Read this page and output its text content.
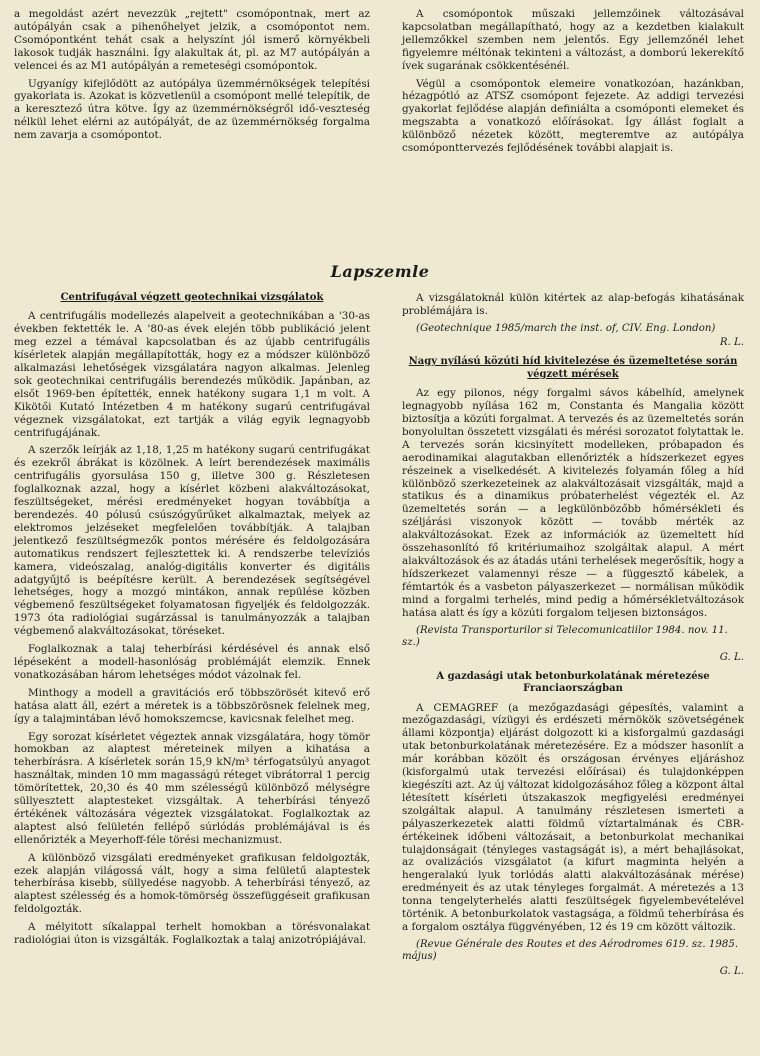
a megoldást azért nevezzük „rejtett" csomópontnak, mert az autópályán csak a pihenőhelyet jelzik, a csomópontot nem. Csomópontként tehát csak a helyszínt jól ismerő környékbeli lakosok tudják használni. Így alakultak át, pl. az M7 autópályán a velencei és az M1 autópályán a remeteségi csomópontok.

Ugyanígy kifejlődött az autópálya üzemmérnökségek telepítési gyakorlata is. Azokat is közvetlenül a csomópont mellé telepítik, de a keresztező útra kötve. Így az üzemmérnökségről idő-veszteség nélkül lehet elérni az autópályát, de az üzemmérnökség forgalma nem zavarja a csomópontot.

A csomópontok műszaki jellemzőinek változásával kapcsolatban megállapítható, hogy az a kezdetben kialakult jellemzőkkel szemben nem jelentős. Egy jellemzőnél lehet figyelemre méltónak tekinteni a változást, a domború lekerekítő ívek sugarának csökkentésénél.

Végül a csomópontok elemeire vonatkozóan, hazánkban, hézagpótló az ATSZ csomópont fejezete. Az addigi tervezési gyakorlat fejlődése alapján definiálta a csomóponti elemeket és megszabta a vonatkozó előírásokat. Így állást foglalt a különböző nézetek között, megteremtve az autópálya csomóponttervezés fejlődésének további alapjait is.

Lapszemle
Centrifugával végzett geotechnikai vizsgálatok

A centrifugális modellezés alapelveit a geotechnikában a '30-as években fektették le. A '80-as évek elején több publikáció jelent meg ezzel a témával kapcsolatban és az újabb centrifugális kísérletek alapján megállapították, hogy ez a módszer különböző alkalmazási lehetőségek vizsgálatára nagyon alkalmas. Jelenleg sok geotechnikai centrifugális berendezés működik. Japánban, az elsőt 1969-ben építették, ennek hatékony sugara 1,1 m volt. A Kikötői Kutató Intézetben 4 m hatékony sugarú centrifugával végeznek vizsgálatokat, ezt tartják a világ egyik legnagyobb centrifugájának.

A szerzők leírják az 1,18, 1,25 m hatékony sugarú centrifugákat és ezekről ábrákat is közölnek. A leírt berendezések maximális centrifugális gyorsulása 150 g, illetve 300 g. Részletesen foglalkoznak azzal, hogy a kísérlet közbeni alakváltozásokat, feszültségeket, mérési eredményeket hogyan továbbítja a berendezés. 40 pólusú csúszógyűrűket alkalmaztak, melyek az elektromos jelzéseket megfelelően továbbítják. A talajban jelentkező feszültségmezők pontos mérésére és feldolgozására automatikus rendszert fejlesztettek ki. A rendszerbe televíziós kamera, videószalag, analóg-digitális konverter és digitális adatgyűjtő is beépítésre került. A berendezések segítségével lehetséges, hogy a mozgó mintákon, annak repülése közben végbemenő feszültségeket folyamatosan figyeljék és feldolgozzák. 1973 óta radiológiai sugárzással is tanulmányozzák a talajban végbemenő alakváltozásokat, töréseket.

Foglalkoznak a talaj teherbírási kérdésével és annak első lépéseként a modell-hasonlóság problémáját elemzik. Ennek vonatkozásában három lehetséges módot vázolnak fel.

Minthogy a modell a gravitációs erő többszörösét kitevő erő hatása alatt áll, ezért a méretek is a többszörösnek felelnek meg, így a talajmintában lévő homokszemcse, kavicsnak felelhet meg.

Egy sorozat kísérletet végeztek annak vizsgálatára, hogy tömör homokban az alaptest méreteinek milyen a kihatása a teherbírásra. A kísérletek során 15,9 kN/m³ térfogatsúlyú anyagot használtak, minden 10 mm magasságú réteget vibrátorral 1 percig tömörítettek, 20,30 és 40 mm szélességű különböző mélységre süllyesztett alaptesteket vizsgáltak. A teherbírási tényező értékének változására végeztek vizsgálatokat. Foglalkoztak az alaptest alsó felületén fellépő súrlódás problémájával is és ellenőrizték a Meyerhoff-féle törési mechanizmust.

A különböző vizsgálati eredményeket grafikusan feldolgozták, ezek alapján világossá vált, hogy a sima felületű alaptestek teherbírása kisebb, süllyedése nagyobb. A teherbírási tényező, az alaptest szélesség és a homok-tömörség összefüggéseit grafikusan feldolgozták.

A mélyitott síkalappal terhelt homokban a törésvonalakat radiológiai úton is vizsgálták. Foglalkoztak a talaj anizotrópiájával.

A vizsgálatoknál külön kitértek az alap-befogás kihatásának problémájára is.

(Geotechnique 1985/march the inst. of, CIV. Eng. London)
R. L.
Nagy nyílású közúti híd kivitelezése és üzemeltetése során végzett mérések

Az egy pilonos, négy forgalmi sávos kábelhíd, amelynek legnagyobb nyílása 162 m, Constanta és Mangalia között biztosítja a közúti forgalmat. A tervezés és az üzemeltetés során bonyolultan összetett vizsgálati és mérési sorozatot folytattak le. A tervezés során kicsinyített modelleken, próbapadon és aerodinamikai alagutakban ellenőrizték a hídszerkezet egyes részeinek a viselkedését. A kivitelezés folyamán főleg a híd különböző szerkezeteinek az alakváltozásait vizsgálták, majd a statikus és a dinamikus próbaterhelést végezték el. Az üzemeltetés során — a legkülönbözőbb hőmérsékleti és széljárási viszonyok között — tovább mérték az alakváltozásokat. Ezek az információk az üzemeltett híd összehasonlító fő kritériumaihoz szolgáltak alapul. A mért alakváltozások és az átadás utáni terhelések megerősítik, hogy a hídszerkezet valamennyi része — a függesztő kábelek, a fémtartók és a vasbeton pályaszerkezet — normálisan működik mind a forgalmi terhelés, mind pedig a hőmérsékletváltozások hatása alatt és így a közúti forgalom teljesen biztonságos.

(Revista Transporturilor si Telecomunicatiilor 1984. nov. 11. sz.)
G. L.
A gazdasági utak betonburkolatának méretezése Franciaországban

A CEMAGREF (a mezőgazdasági gépesítés, valamint a mezőgazdasági, vízügyi és erdészeti mérnökök szövetségének állami központja) eljárást dolgozott ki a kisforgalmú gazdasági utak betonburkolatának méretezésére. Ez a módszer hasonlít a már korábban közölt és országosan érvényes eljáráshoz (kisforgalmú utak tervezési előírásai) és tulajdonképpen kiegészíti azt. Az új változat kidolgozásához főleg a központ által létesített kísérleti útszakaszok megfigyelési eredményei szolgáltak alapul. A tanulmány részletesen ismerteti a pályaszerkezetek alatti földmű víztartalmának és CBR-értékeinek időbeni változásait, a betonburkolat mechanikai tulajdonságait (tényleges vastagságát is), a mért behajlásokat, az ovalizációs vizsgálatot (a kifurt magminta helyén a hengeralakú lyuk torlódás alatti alakváltozásának mérése) eredményeit és az utak tényleges forgalmát. A méretezés a 13 tonna tengelyterhelés alatti feszültségek figyelembevételével történik. A betonburkolatok vastagsága, a földmű teherbírása és a forgalom osztálya függvényében, 12 és 19 cm között változik.

(Revue Générale des Routes et des Aérodromes 619. sz. 1985. május)
G. L.
